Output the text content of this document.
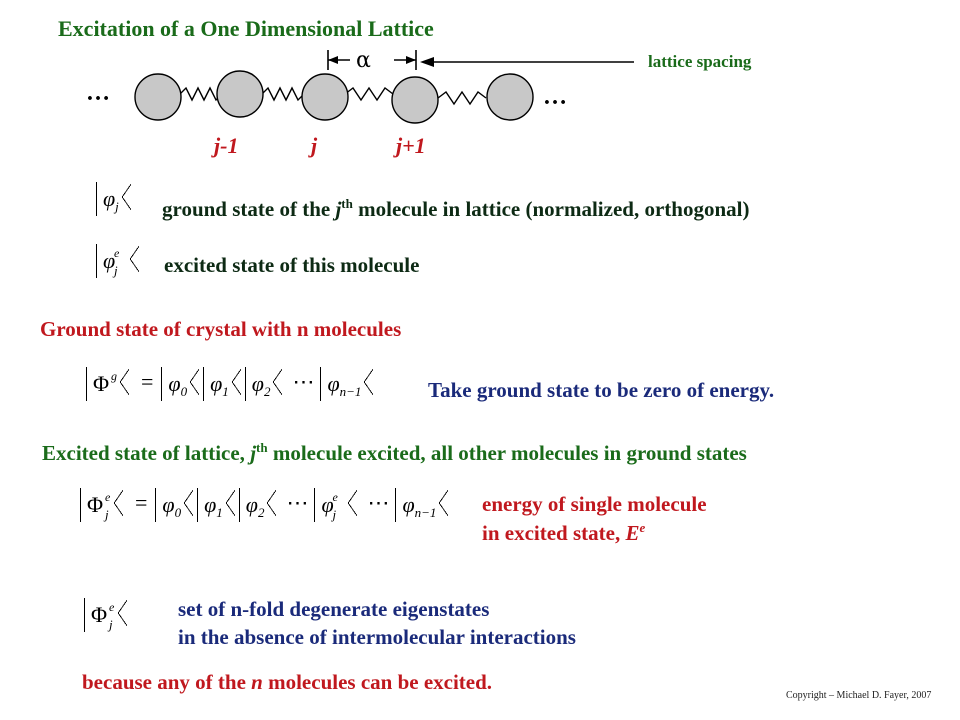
Excitation of a One Dimensional Lattice
α	lattice spacing
…	…
j-1	j	j+1
$\varphi_j$	ground state of the $j^{th}$ molecule in lattice (normalized, orthogonal)
φ
e
j excited state of this molecule
Ground state of crystal with n molecules
Φ $g = \varphi_0$ $\varphi_1$ $\varphi_2$ ⋯ $\varphi_{n-1}$	Take ground state to be zero of energy.
Excited state of lattice, $j^{th}$ molecule excited, all other molecules in ground states
Φ e
$j = \varphi_0$ $\varphi_1$ $\varphi_2$ ⋯ φ
e
j ⋯ $\varphi_{n-1}$	energy of single molecule
in excited state, $E^e$
Φ e
j
set of n-fold degenerate eigenstates
in the absence of intermolecular interactions
because any of the n molecules can be excited.
Copyright – Michael D. Fayer, 2007
